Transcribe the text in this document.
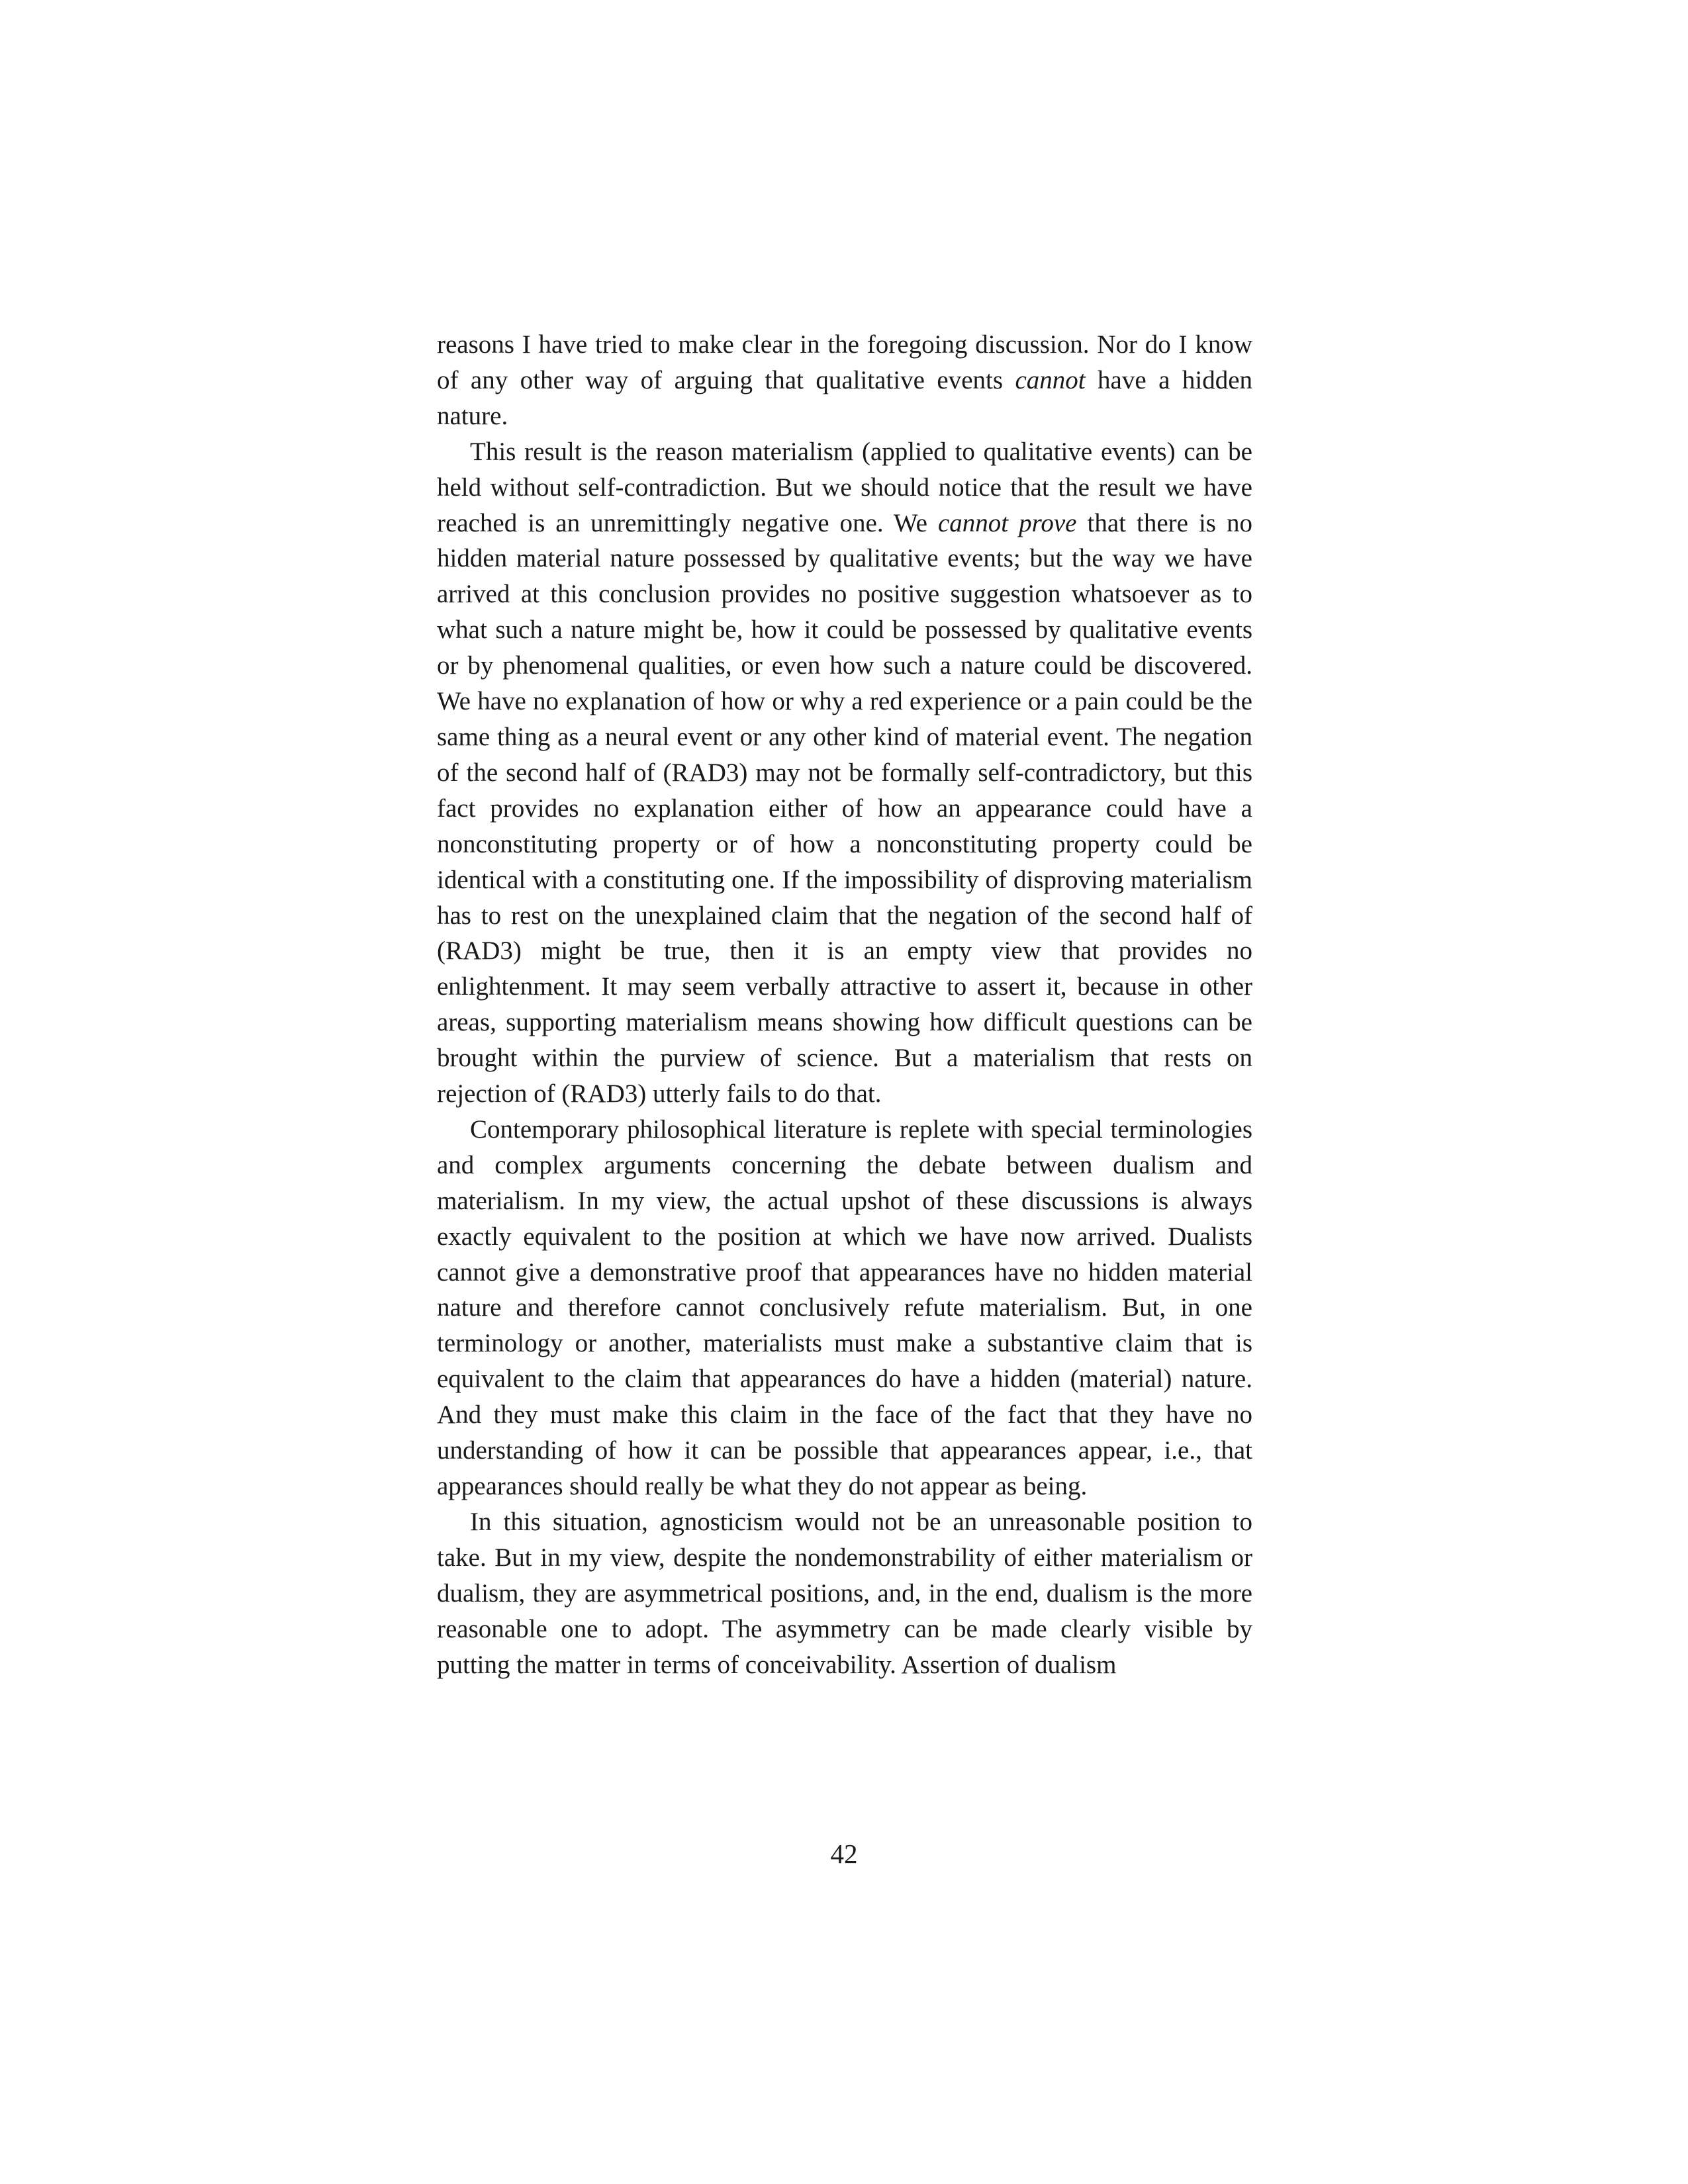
reasons I have tried to make clear in the foregoing discussion. Nor do I know of any other way of arguing that qualitative events cannot have a hidden nature.

This result is the reason materialism (applied to qualitative events) can be held without self-contradiction. But we should notice that the result we have reached is an unremittingly negative one. We cannot prove that there is no hidden material nature possessed by qualitative events; but the way we have arrived at this conclusion provides no positive suggestion whatsoever as to what such a nature might be, how it could be possessed by qualitative events or by phenomenal qualities, or even how such a nature could be discovered. We have no explanation of how or why a red experience or a pain could be the same thing as a neural event or any other kind of material event. The negation of the second half of (RAD3) may not be formally self-contradictory, but this fact provides no explanation either of how an appearance could have a nonconstituting property or of how a nonconstituting property could be identical with a constituting one. If the impossibility of disproving materialism has to rest on the unexplained claim that the negation of the second half of (RAD3) might be true, then it is an empty view that provides no enlightenment. It may seem verbally attractive to assert it, because in other areas, supporting materialism means showing how difficult questions can be brought within the purview of science. But a materialism that rests on rejection of (RAD3) utterly fails to do that.

Contemporary philosophical literature is replete with special terminologies and complex arguments concerning the debate between dualism and materialism. In my view, the actual upshot of these discussions is always exactly equivalent to the position at which we have now arrived. Dualists cannot give a demonstrative proof that appearances have no hidden material nature and therefore cannot conclusively refute materialism. But, in one terminology or another, materialists must make a substantive claim that is equivalent to the claim that appearances do have a hidden (material) nature. And they must make this claim in the face of the fact that they have no understanding of how it can be possible that appearances appear, i.e., that appearances should really be what they do not appear as being.

In this situation, agnosticism would not be an unreasonable position to take. But in my view, despite the nondemonstrability of either materialism or dualism, they are asymmetrical positions, and, in the end, dualism is the more reasonable one to adopt. The asymmetry can be made clearly visible by putting the matter in terms of conceivability. Assertion of dualism

42
